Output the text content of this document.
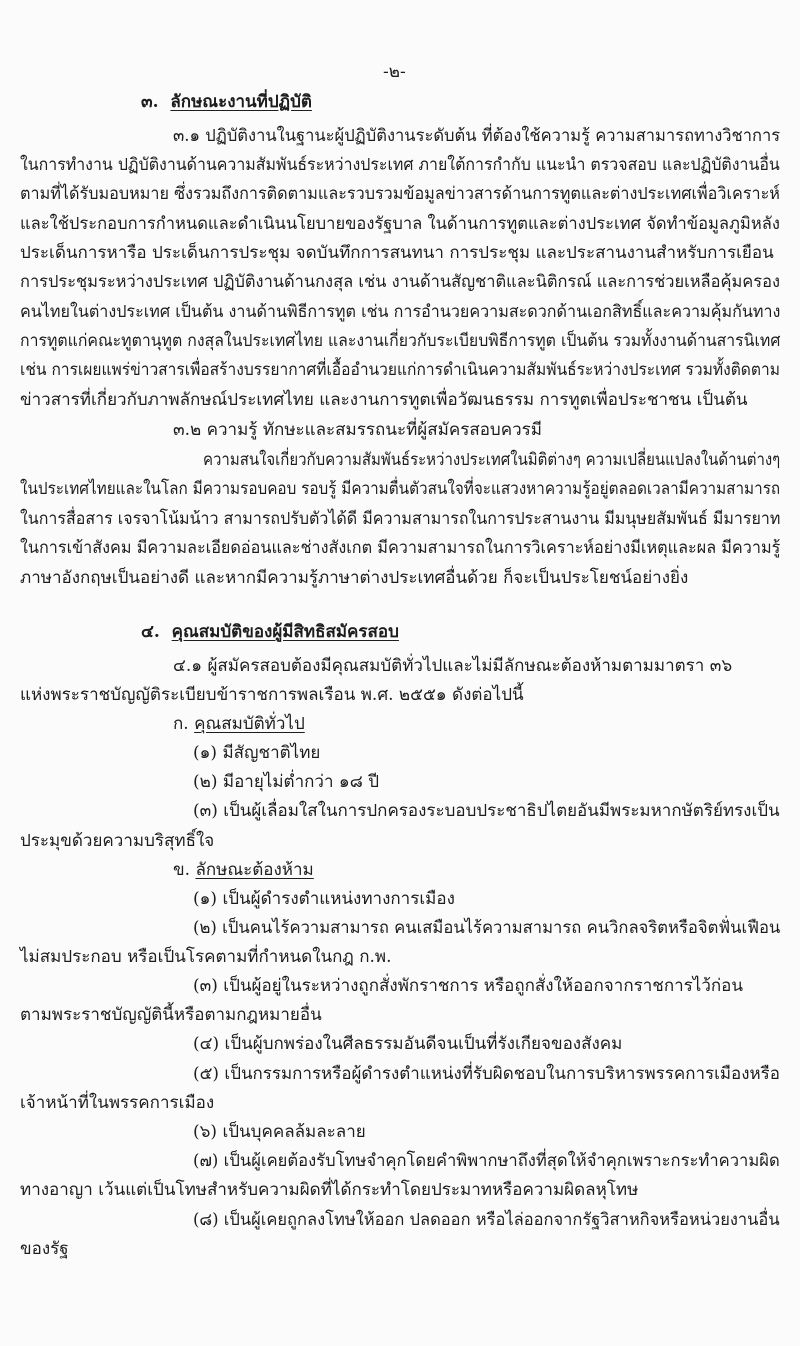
-๒-
๓. ลักษณะงานที่ปฏิบัติ
๓.๑ ปฏิบัติงานในฐานะผู้ปฏิบัติงานระดับต้น ที่ต้องใช้ความรู้ ความสามารถทางวิชาการ
ในการทำงาน ปฏิบัติงานด้านความสัมพันธ์ระหว่างประเทศ ภายใต้การกำกับ แนะนำ ตรวจสอบ และปฏิบัติงานอื่น
ตามที่ได้รับมอบหมาย ซึ่งรวมถึงการติดตามและรวบรวมข้อมูลข่าวสารด้านการทูตและต่างประเทศเพื่อวิเคราะห์
และใช้ประกอบการกำหนดและดำเนินนโยบายของรัฐบาล ในด้านการทูตและต่างประเทศ จัดทำข้อมูลภูมิหลัง
ประเด็นการหารือ ประเด็นการประชุม จดบันทึกการสนทนา การประชุม และประสานงานสำหรับการเยือน
การประชุมระหว่างประเทศ ปฏิบัติงานด้านกงสุล เช่น งานด้านสัญชาติและนิติกรณ์ และการช่วยเหลือคุ้มครอง
คนไทยในต่างประเทศ เป็นต้น งานด้านพิธีการทูต เช่น การอำนวยความสะดวกด้านเอกสิทธิ์และความคุ้มกันทาง
การทูตแก่คณะทูตานุทูต กงสุลในประเทศไทย และงานเกี่ยวกับระเบียบพิธีการทูต เป็นต้น รวมทั้งงานด้านสารนิเทศ
เช่น การเผยแพร่ข่าวสารเพื่อสร้างบรรยากาศที่เอื้ออำนวยแก่การดำเนินความสัมพันธ์ระหว่างประเทศ รวมทั้งติดตาม
ข่าวสารที่เกี่ยวกับภาพลักษณ์ประเทศไทย และงานการทูตเพื่อวัฒนธรรม การทูตเพื่อประชาชน เป็นต้น
๓.๒ ความรู้ ทักษะและสมรรถนะที่ผู้สมัครสอบควรมี
ความสนใจเกี่ยวกับความสัมพันธ์ระหว่างประเทศในมิติต่างๆ ความเปลี่ยนแปลงในด้านต่างๆ
ในประเทศไทยและในโลก มีความรอบคอบ รอบรู้ มีความตื่นตัวสนใจที่จะแสวงหาความรู้อยู่ตลอดเวลามีความสามารถ
ในการสื่อสาร เจรจาโน้มน้าว สามารถปรับตัวได้ดี มีความสามารถในการประสานงาน มีมนุษยสัมพันธ์ มีมารยาท
ในการเข้าสังคม มีความละเอียดอ่อนและช่างสังเกต มีความสามารถในการวิเคราะห์อย่างมีเหตุและผล มีความรู้
ภาษาอังกฤษเป็นอย่างดี และหากมีความรู้ภาษาต่างประเทศอื่นด้วย ก็จะเป็นประโยชน์อย่างยิ่ง
๔. คุณสมบัติของผู้มีสิทธิสมัครสอบ
๔.๑ ผู้สมัครสอบต้องมีคุณสมบัติทั่วไปและไม่มีลักษณะต้องห้ามตามมาตรา ๓๖
แห่งพระราชบัญญัติระเบียบข้าราชการพลเรือน พ.ศ. ๒๕๕๑ ดังต่อไปนี้
ก. คุณสมบัติทั่วไป
(๑) มีสัญชาติไทย
(๒) มีอายุไม่ต่ำกว่า ๑๘ ปี
(๓) เป็นผู้เลื่อมใสในการปกครองระบอบประชาธิปไตยอันมีพระมหากษัตริย์ทรงเป็น
ประมุขด้วยความบริสุทธิ์ใจ
ข. ลักษณะต้องห้าม
(๑) เป็นผู้ดำรงตำแหน่งทางการเมือง
(๒) เป็นคนไร้ความสามารถ คนเสมือนไร้ความสามารถ คนวิกลจริตหรือจิตฟั่นเฟือน
ไม่สมประกอบ หรือเป็นโรคตามที่กำหนดในกฎ ก.พ.
(๓) เป็นผู้อยู่ในระหว่างถูกสั่งพักราชการ หรือถูกสั่งให้ออกจากราชการไว้ก่อน
ตามพระราชบัญญัตินี้หรือตามกฎหมายอื่น
(๔) เป็นผู้บกพร่องในศีลธรรมอันดีจนเป็นที่รังเกียจของสังคม
(๕) เป็นกรรมการหรือผู้ดำรงตำแหน่งที่รับผิดชอบในการบริหารพรรคการเมืองหรือ
เจ้าหน้าที่ในพรรคการเมือง
(๖) เป็นบุคคลล้มละลาย
(๗) เป็นผู้เคยต้องรับโทษจำคุกโดยคำพิพากษาถึงที่สุดให้จำคุกเพราะกระทำความผิด
ทางอาญา เว้นแต่เป็นโทษสำหรับความผิดที่ได้กระทำโดยประมาทหรือความผิดลหุโทษ
(๘) เป็นผู้เคยถูกลงโทษให้ออก ปลดออก หรือไล่ออกจากรัฐวิสาหกิจหรือหน่วยงานอื่น
ของรัฐ
